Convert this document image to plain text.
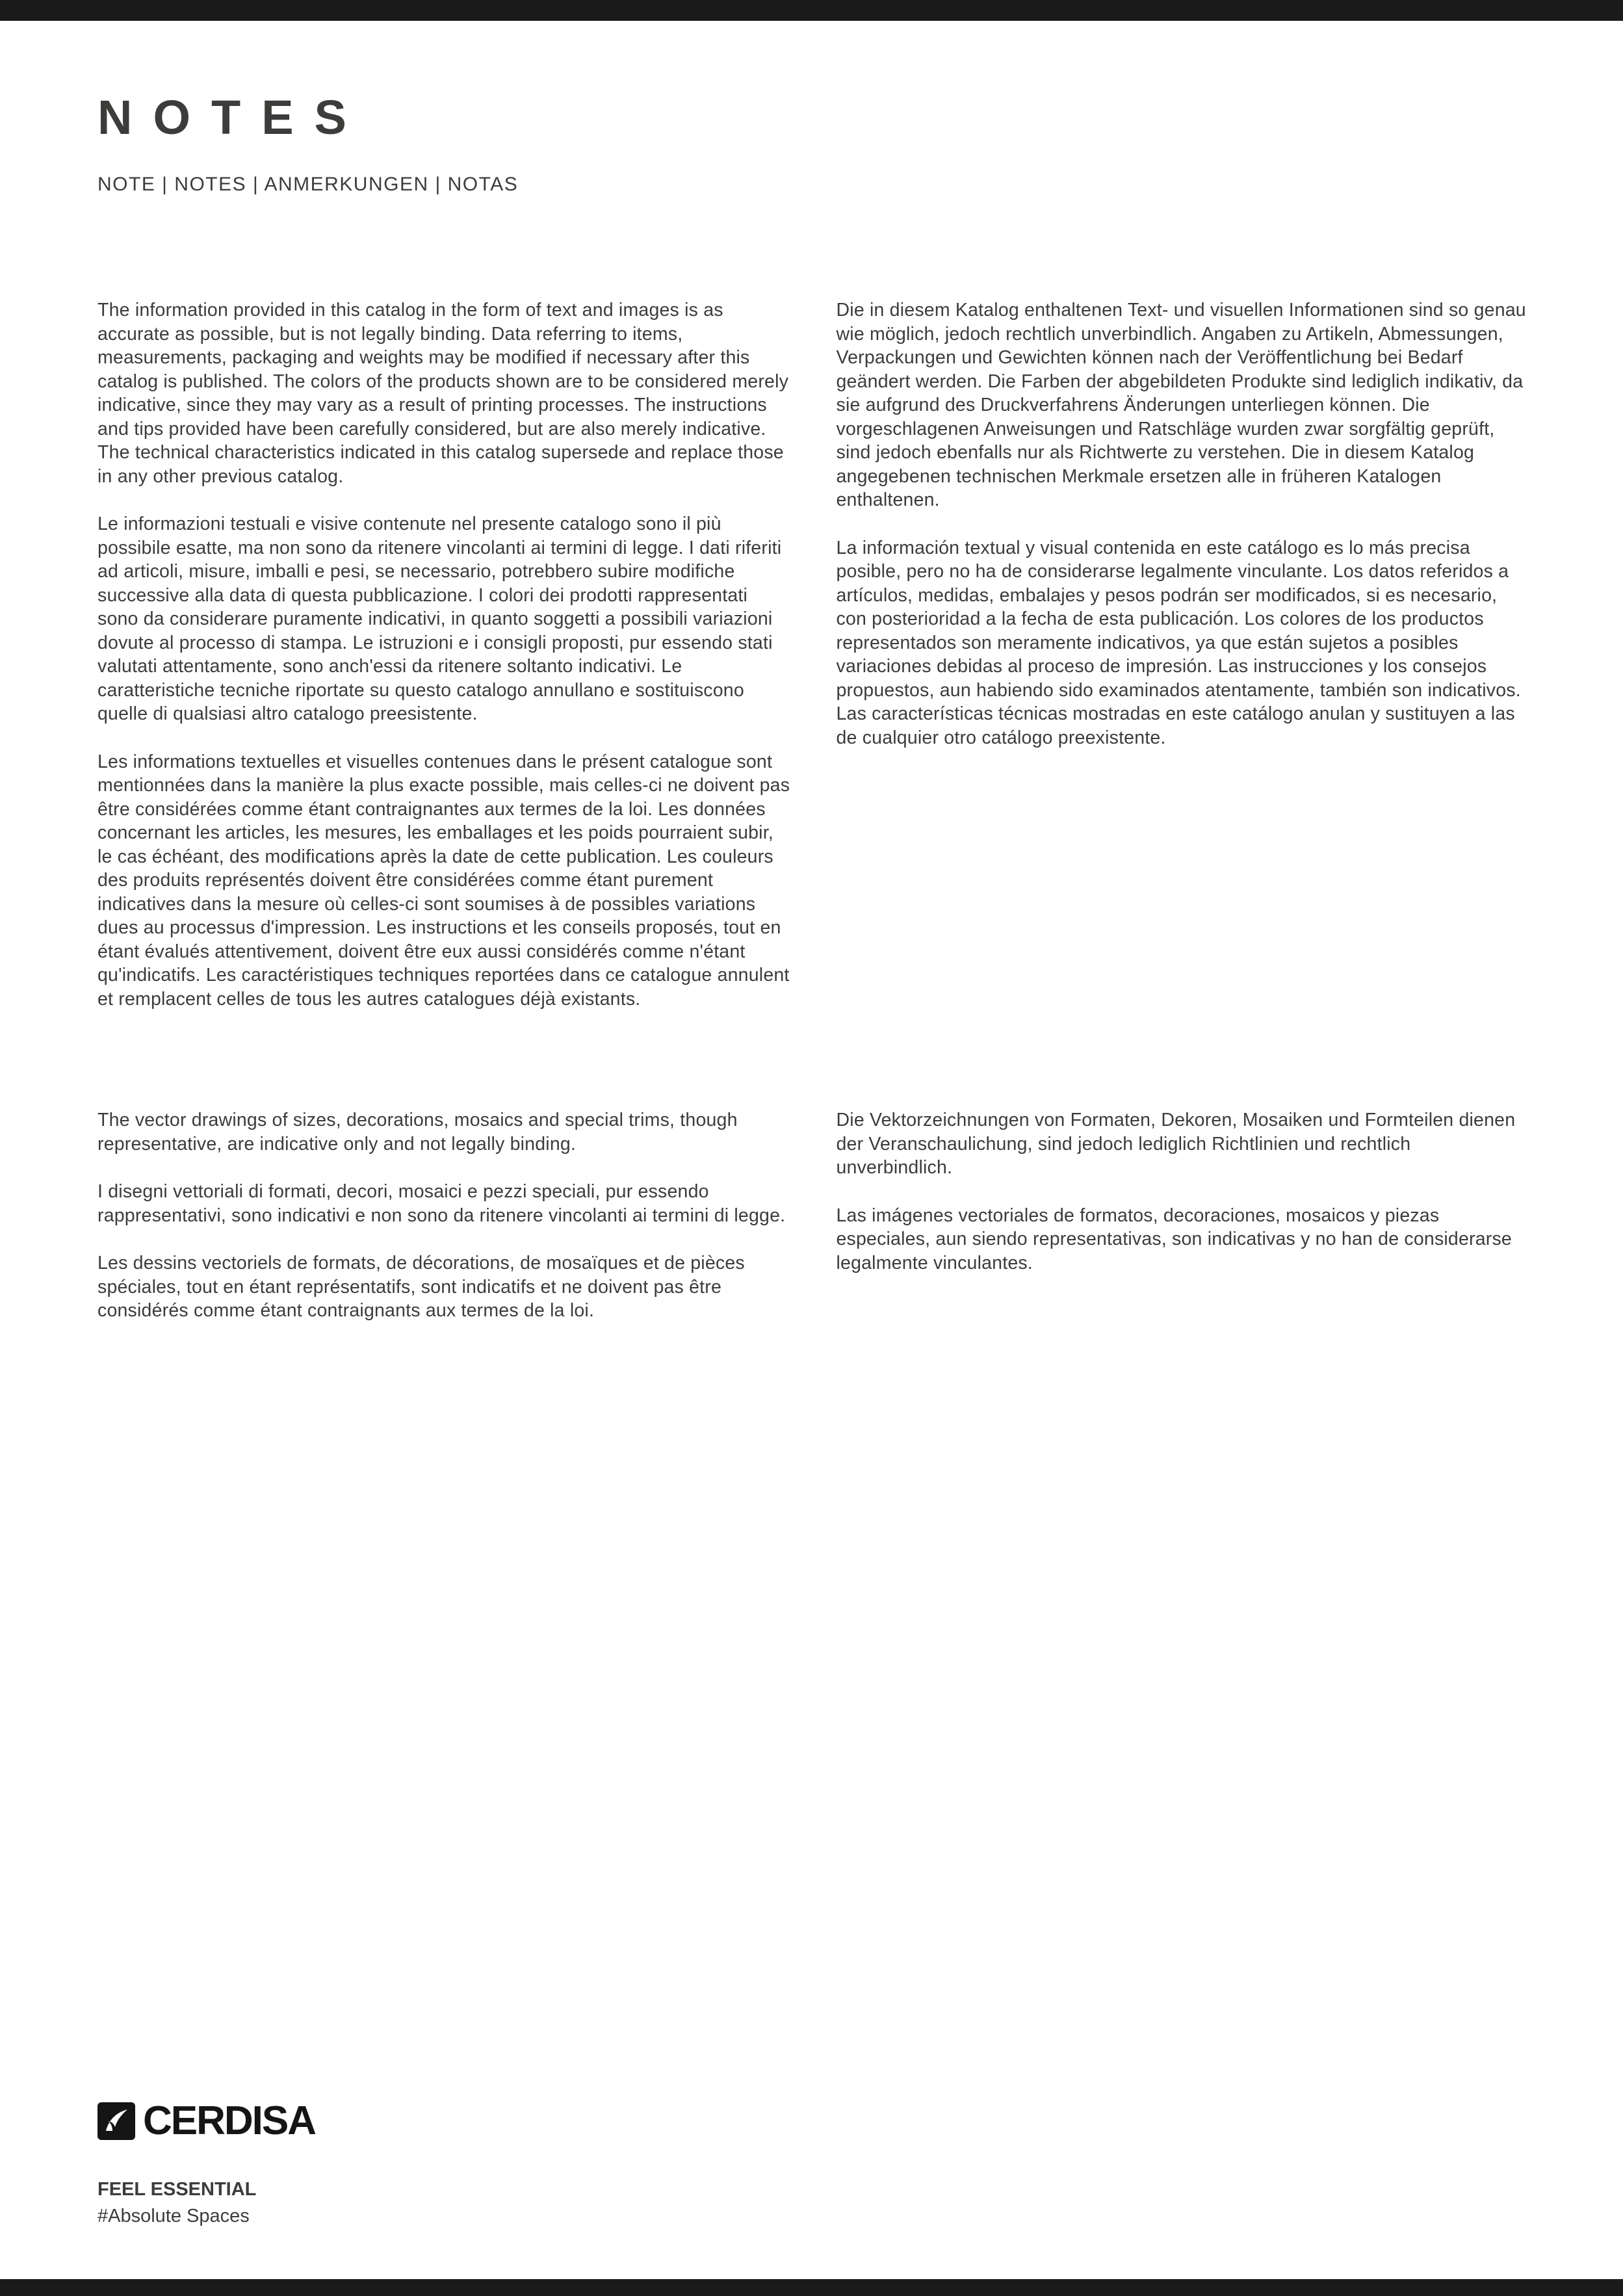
NOTES
NOTE | NOTES | ANMERKUNGEN | NOTAS

The information provided in this catalog in the form of text and images is as accurate as possible, but is not legally binding. Data referring to items, measurements, packaging and weights may be modified if necessary after this catalog is published. The colors of the products shown are to be considered merely indicative, since they may vary as a result of printing processes. The instructions and tips provided have been carefully considered, but are also merely indicative. The technical characteristics indicated in this catalog supersede and replace those in any other previous catalog.

Le informazioni testuali e visive contenute nel presente catalogo sono il più possibile esatte, ma non sono da ritenere vincolanti ai termini di legge. I dati riferiti ad articoli, misure, imballi e pesi, se necessario, potrebbero subire modifiche successive alla data di questa pubblicazione. I colori dei prodotti rappresentati sono da considerare puramente indicativi, in quanto soggetti a possibili variazioni dovute al processo di stampa. Le istruzioni e i consigli proposti, pur essendo stati valutati attentamente, sono anch'essi da ritenere soltanto indicativi. Le caratteristiche tecniche riportate su questo catalogo annullano e sostituiscono quelle di qualsiasi altro catalogo preesistente.

Les informations textuelles et visuelles contenues dans le présent catalogue sont mentionnées dans la manière la plus exacte possible, mais celles-ci ne doivent pas être considérées comme étant contraignantes aux termes de la loi. Les données concernant les articles, les mesures, les emballages et les poids pourraient subir, le cas échéant, des modifications après la date de cette publication. Les couleurs des produits représentés doivent être considérées comme étant purement indicatives dans la mesure où celles-ci sont soumises à de possibles variations dues au processus d'impression. Les instructions et les conseils proposés, tout en étant évalués attentivement, doivent être eux aussi considérés comme n'étant qu'indicatifs. Les caractéristiques techniques reportées dans ce catalogue annulent et remplacent celles de tous les autres catalogues déjà existants.

Die in diesem Katalog enthaltenen Text- und visuellen Informationen sind so genau wie möglich, jedoch rechtlich unverbindlich. Angaben zu Artikeln, Abmessungen, Verpackungen und Gewichten können nach der Veröffentlichung bei Bedarf geändert werden. Die Farben der abgebildeten Produkte sind lediglich indikativ, da sie aufgrund des Druckverfahrens Änderungen unterliegen können. Die vorgeschlagenen Anweisungen und Ratschläge wurden zwar sorgfältig geprüft, sind jedoch ebenfalls nur als Richtwerte zu verstehen. Die in diesem Katalog angegebenen technischen Merkmale ersetzen alle in früheren Katalogen enthaltenen.

La información textual y visual contenida en este catálogo es lo más precisa posible, pero no ha de considerarse legalmente vinculante. Los datos referidos a artículos, medidas, embalajes y pesos podrán ser modificados, si es necesario, con posterioridad a la fecha de esta publicación. Los colores de los productos representados son meramente indicativos, ya que están sujetos a posibles variaciones debidas al proceso de impresión. Las instrucciones y los consejos propuestos, aun habiendo sido examinados atentamente, también son indicativos. Las características técnicas mostradas en este catálogo anulan y sustituyen a las de cualquier otro catálogo preexistente.

The vector drawings of sizes, decorations, mosaics and special trims, though representative, are indicative only and not legally binding.

I disegni vettoriali di formati, decori, mosaici e pezzi speciali, pur essendo rappresentativi, sono indicativi e non sono da ritenere vincolanti ai termini di legge.

Les dessins vectoriels de formats, de décorations, de mosaïques et de pièces spéciales, tout en étant représentatifs, sont indicatifs et ne doivent pas être considérés comme étant contraignants aux termes de la loi.

Die Vektorzeichnungen von Formaten, Dekoren, Mosaiken und Formteilen dienen der Veranschaulichung, sind jedoch lediglich Richtlinien und rechtlich unverbindlich.

Las imágenes vectoriales de formatos, decoraciones, mosaicos y piezas especiales, aun siendo representativas, son indicativas y no han de considerarse legalmente vinculantes.

CERDISA
FEEL ESSENTIAL
#Absolute Spaces
